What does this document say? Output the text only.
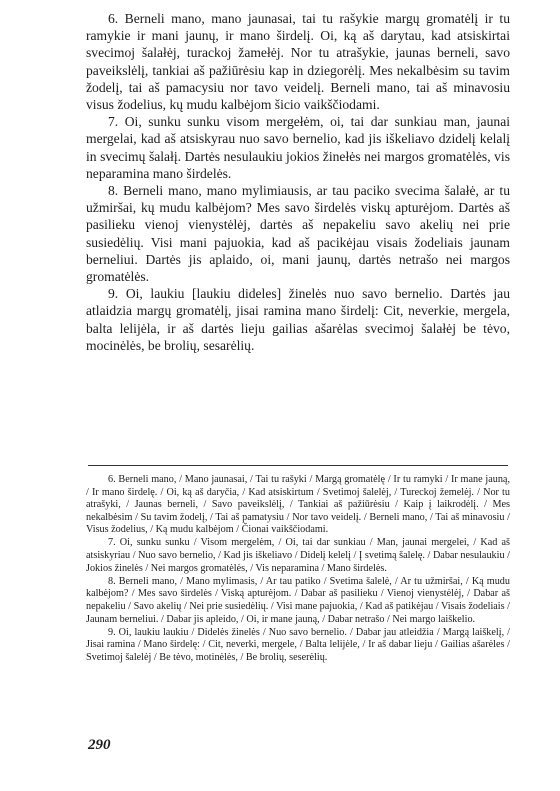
6. Berneli mano, mano jaunasai, tai tu rašykie margų gromatėlį ir tu ramykie ir mani jaunų, ir mano širdelį. Oi, ką aš darytau, kad atsiskirtai svecimoj šalałėj, turackoj žamełėj. Nor tu atrašykie, jaunas berneli, savo paveikslėlį, tankiai aš pažiūrėsiu kap in dziegorėlį. Mes nekalbėsim su tavim žodelį, tai aš pamacysiu nor tavo veidelį. Berneli mano, tai aš minavosiu visus žodelius, kų mudu kalbėjom šicio vaikščiodami.

7. Oi, sunku sunku visom mergełėm, oi, tai dar sunkiau man, jaunai mergelai, kad aš atsiskyrau nuo savo bernelio, kad jis iškeliavo dzidelį kelalį in svecimų šalałį. Dartės nesulaukiu jokios žinełės nei margos gromatėlės, vis neparamina mano širdelės.

8. Berneli mano, mano mylimiausis, ar tau paciko svecima šalałė, ar tu užmiršai, kų mudu kalbėjom? Mes savo širdelės viskų apturėjom. Dartės aš pasilieku vienoj vienystėlėj, dartės aš nepakeliu savo akelių nei prie susiedėlių. Visi mani pajuokia, kad aš pacikėjau visais žodeliais jaunam berneliui. Dartės jis aplaido, oi, mani jaunų, dartės netrašo nei margos gromatėlės.

9. Oi, laukiu [laukiu dideles] žinelės nuo savo bernelio. Dartės jau atlaidzia margų gromatėlį, jisai ramina mano širdelį: Cit, neverkie, mergela, balta lelijėla, ir aš dartės lieju gailias ašarėlas svecimoj šalałėj be tėvo, mocinėlės, be brolių, sesarėlių.

6. Berneli mano, / Mano jaunasai, / Tai tu rašyki / Margą gromatėlę / Ir tu ramyki / Ir mane jauną, / Ir mano širdelę. / Oi, ką aš daryčia, / Kad atsiskirtum / Svetimoj šalelėj, / Tureckoj žemelėj. / Nor tu atrašyki, / Jaunas berneli, / Savo paveikslėlį, / Tankiai aš pažiūrėsiu / Kaip į laikrodėlį. / Mes nekalbėsim / Su tavim žodelį, / Tai aš pamatysiu / Nor tavo veidelį. / Berneli mano, / Tai aš minavosiu / Visus žodelius, / Ką mudu kalbėjom / Čionai vaikščiodami.

7. Oi, sunku sunku / Visom mergelėm, / Oi, tai dar sunkiau / Man, jaunai mergelei, / Kad aš atsiskyriau / Nuo savo bernelio, / Kad jis iškeliavo / Didelį kelelį / Į svetimą šalelę. / Dabar nesulaukiu / Jokios žinelės / Nei margos gromatėlės, / Vis neparamina / Mano širdelės.

8. Berneli mano, / Mano mylimasis, / Ar tau patiko / Svetima šalelė, / Ar tu užmiršai, / Ką mudu kalbėjom? / Mes savo širdelės / Viską apturėjom. / Dabar aš pasilieku / Vienoj vienystėlėj, / Dabar aš nepakeliu / Savo akelių / Nei prie susiedėlių. / Visi mane pajuokia, / Kad aš patikėjau / Visais žodeliais / Jaunam berneliui. / Dabar jis apleido, / Oi, ir mane jauną, / Dabar netrašo / Nei margo laiškelio.

9. Oi, laukiu laukiu / Didelės žinelės / Nuo savo bernelio. / Dabar jau atleidžia / Margą laiškelį, / Jisai ramina / Mano širdelę: / Cit, neverki, mergele, / Balta lelijėle, / Ir aš dabar lieju / Gailias ašarėles / Svetimoj šalelėj / Be tėvo, motinėlės, / Be brolių, seserėlių.

290
